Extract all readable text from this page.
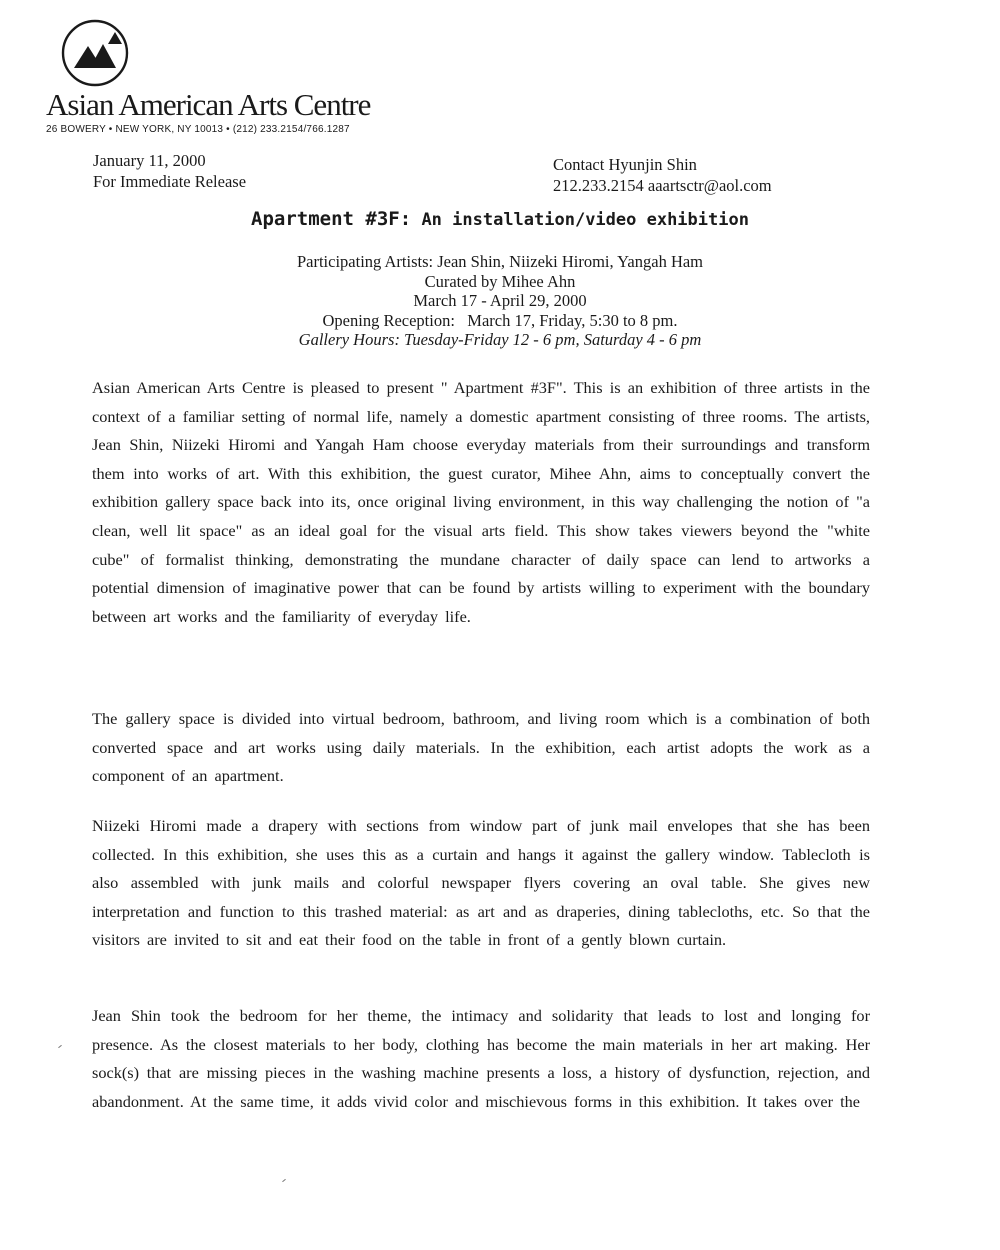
Asian American Arts Centre
26 BOWERY • NEW YORK, NY 10013 • (212) 233.2154/766.1287
January 11, 2000
For Immediate Release
Contact Hyunjin Shin
212.233.2154 aaartsctr@aol.com
Apartment #3F: An installation/video exhibition
Participating Artists: Jean Shin, Niizeki Hiromi, Yangah Ham
Curated by Mihee Ahn
March 17 - April 29, 2000
Opening Reception:   March 17, Friday, 5:30 to 8 pm.
Gallery Hours: Tuesday-Friday 12 - 6 pm, Saturday 4 - 6 pm

Asian American Arts Centre is pleased to present " Apartment #3F". This is an exhibition of three artists in the context of a familiar setting of normal life, namely a domestic apartment consisting of three rooms. The artists, Jean Shin, Niizeki Hiromi and Yangah Ham choose everyday materials from their surroundings and transform them into works of art. With this exhibition, the guest curator, Mihee Ahn, aims to conceptually convert the exhibition gallery space back into its, once original living environment, in this way challenging the notion of "a clean, well lit space" as an ideal goal for the visual arts field. This show takes viewers beyond the "white cube" of formalist thinking, demonstrating the mundane character of daily space can lend to artworks a potential dimension of imaginative power that can be found by artists willing to experiment with the boundary between art works and the familiarity of everyday life.

The gallery space is divided into virtual bedroom, bathroom, and living room which is a combination of both converted space and art works using daily materials. In the exhibition, each artist adopts the work as a component of an apartment.

Niizeki Hiromi made a drapery with sections from window part of junk mail envelopes that she has been collected. In this exhibition, she uses this as a curtain and hangs it against the gallery window. Tablecloth is also assembled with junk mails and colorful newspaper flyers covering an oval table. She gives new interpretation and function to this trashed material: as art and as draperies, dining tablecloths, etc. So that the visitors are invited to sit and eat their food on the table in front of a gently blown curtain.

Jean Shin took the bedroom for her theme, the intimacy and solidarity that leads to lost and longing for presence. As the closest materials to her body, clothing has become the main materials in her art making. Her sock(s) that are missing pieces in the washing machine presents a loss, a history of dysfunction, rejection, and abandonment. At the same time, it adds vivid color and mischievous forms in this exhibition. It takes over the
